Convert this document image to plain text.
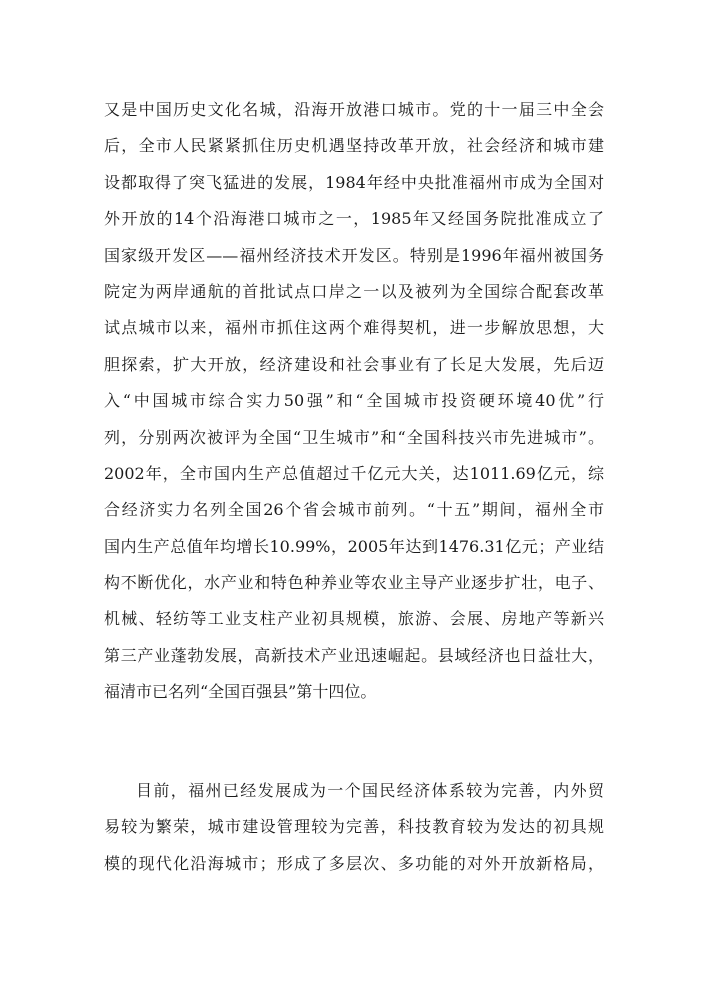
又是中国历史文化名城，沿海开放港口城市。党的十一届三中全会
后，全市人民紧紧抓住历史机遇坚持改革开放，社会经济和城市建
设都取得了突飞猛进的发展，1984年经中央批准福州市成为全国对
外开放的14个沿海港口城市之一，1985年又经国务院批准成立了
国家级开发区——福州经济技术开发区。特别是1996年福州被国务
院定为两岸通航的首批试点口岸之一以及被列为全国综合配套改革
试点城市以来，福州市抓住这两个难得契机，进一步解放思想，大
胆探索，扩大开放，经济建设和社会事业有了长足大发展，先后迈
入“中国城市综合实力50强”和“全国城市投资硬环境40优”行
列，分别两次被评为全国“卫生城市”和“全国科技兴市先进城市”。
2002年，全市国内生产总值超过千亿元大关，达1011.69亿元，综
合经济实力名列全国26个省会城市前列。“十五”期间，福州全市
国内生产总值年均增长10.99%，2005年达到1476.31亿元；产业结
构不断优化，水产业和特色种养业等农业主导产业逐步扩壮，电子、
机械、轻纺等工业支柱产业初具规模，旅游、会展、房地产等新兴
第三产业蓬勃发展，高新技术产业迅速崛起。县域经济也日益壮大，
福清市已名列“全国百强县”第十四位。
目前，福州已经发展成为一个国民经济体系较为完善，内外贸
易较为繁荣，城市建设管理较为完善，科技教育较为发达的初具规
模的现代化沿海城市；形成了多层次、多功能的对外开放新格局，
